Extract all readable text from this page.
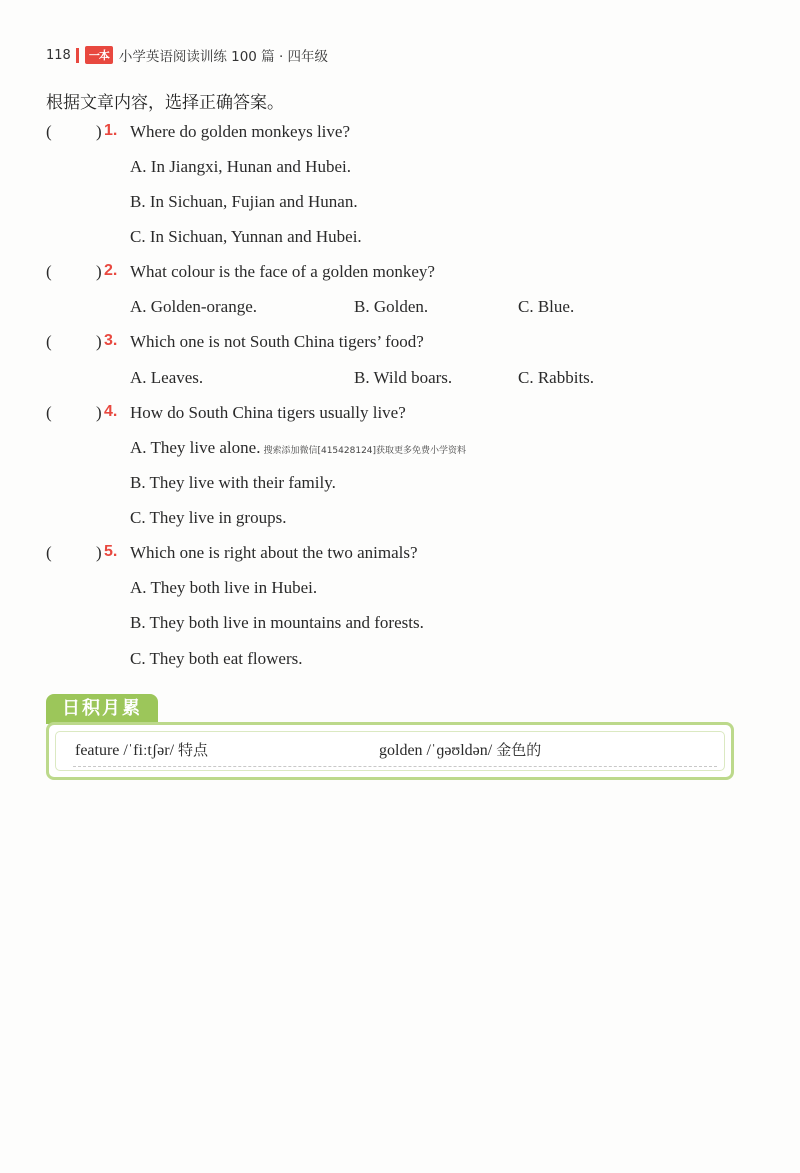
118	一本 小学英语阅读训练 100 篇 · 四年级
根据文章内容，选择正确答案。
(	) 1. Where do golden monkeys live?
A. In Jiangxi, Hunan and Hubei.
B. In Sichuan, Fujian and Hunan.
C. In Sichuan, Yunnan and Hubei.
(	) 2. What colour is the face of a golden monkey?
A. Golden-orange.	B. Golden.	C. Blue.
(	) 3. Which one is not South China tigers’ food?
A. Leaves.	B. Wild boars.	C. Rabbits.
(	) 4. How do South China tigers usually live?
A. They live alone. 搜索添加微信[415428124]获取更多免费小学资料
B. They live with their family.
C. They live in groups.
(	) 5. Which one is right about the two animals?
A. They both live in Hubei.
B. They both live in mountains and forests.
C. They both eat flowers.
日积月累
feature /ˈfiːtʃər/ 特点	golden /ˈɡəʊldən/ 金色的
